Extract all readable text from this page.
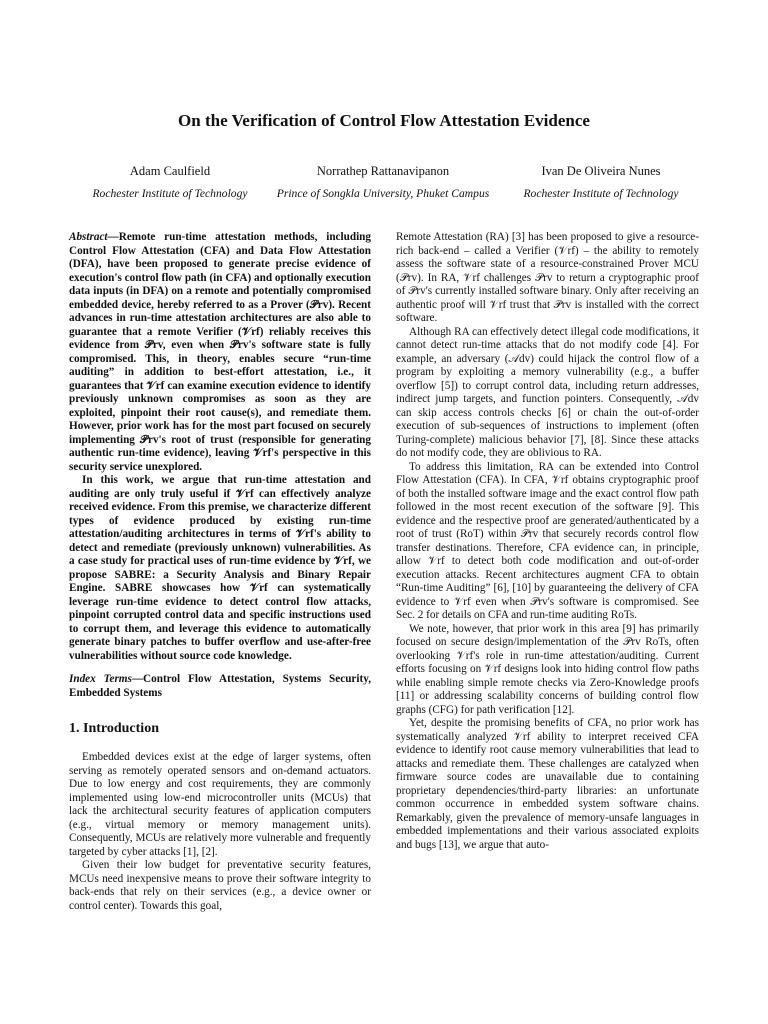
On the Verification of Control Flow Attestation Evidence
Adam Caulfield
Rochester Institute of Technology
Norrathep Rattanavipanon
Prince of Songkla University, Phuket Campus
Ivan De Oliveira Nunes
Rochester Institute of Technology

Abstract—Remote run-time attestation methods, including Control Flow Attestation (CFA) and Data Flow Attestation (DFA), have been proposed to generate precise evidence of execution's control flow path (in CFA) and optionally execution data inputs (in DFA) on a remote and potentially compromised embedded device, hereby referred to as a Prover (𝒫rv). Recent advances in run-time attestation architectures are also able to guarantee that a remote Verifier (𝒱rf) reliably receives this evidence from 𝒫rv, even when 𝒫rv's software state is fully compromised. This, in theory, enables secure “run-time auditing” in addition to best-effort attestation, i.e., it guarantees that 𝒱rf can examine execution evidence to identify previously unknown compromises as soon as they are exploited, pinpoint their root cause(s), and remediate them. However, prior work has for the most part focused on securely implementing 𝒫rv's root of trust (responsible for generating authentic run-time evidence), leaving 𝒱rf's perspective in this security service unexplored.

In this work, we argue that run-time attestation and auditing are only truly useful if 𝒱rf can effectively analyze received evidence. From this premise, we characterize different types of evidence produced by existing run-time attestation/auditing architectures in terms of 𝒱rf's ability to detect and remediate (previously unknown) vulnerabilities. As a case study for practical uses of run-time evidence by 𝒱rf, we propose SABRE: a Security Analysis and Binary Repair Engine. SABRE showcases how 𝒱rf can systematically leverage run-time evidence to detect control flow attacks, pinpoint corrupted control data and specific instructions used to corrupt them, and leverage this evidence to automatically generate binary patches to buffer overflow and use-after-free vulnerabilities without source code knowledge.

Index Terms—Control Flow Attestation, Systems Security, Embedded Systems

1. Introduction

Embedded devices exist at the edge of larger systems, often serving as remotely operated sensors and on-demand actuators. Due to low energy and cost requirements, they are commonly implemented using low-end microcontroller units (MCUs) that lack the architectural security features of application computers (e.g., virtual memory or memory management units). Consequently, MCUs are relatively more vulnerable and frequently targeted by cyber attacks [1], [2].

Given their low budget for preventative security features, MCUs need inexpensive means to prove their software integrity to back-ends that rely on their services (e.g., a device owner or control center). Towards this goal,

Remote Attestation (RA) [3] has been proposed to give a resource-rich back-end – called a Verifier (𝒱rf) – the ability to remotely assess the software state of a resource-constrained Prover MCU (𝒫rv). In RA, 𝒱rf challenges 𝒫rv to return a cryptographic proof of 𝒫rv's currently installed software binary. Only after receiving an authentic proof will 𝒱rf trust that 𝒫rv is installed with the correct software.

Although RA can effectively detect illegal code modifications, it cannot detect run-time attacks that do not modify code [4]. For example, an adversary (𝒜dv) could hijack the control flow of a program by exploiting a memory vulnerability (e.g., a buffer overflow [5]) to corrupt control data, including return addresses, indirect jump targets, and function pointers. Consequently, 𝒜dv can skip access controls checks [6] or chain the out-of-order execution of sub-sequences of instructions to implement (often Turing-complete) malicious behavior [7], [8]. Since these attacks do not modify code, they are oblivious to RA.

To address this limitation, RA can be extended into Control Flow Attestation (CFA). In CFA, 𝒱rf obtains cryptographic proof of both the installed software image and the exact control flow path followed in the most recent execution of the software [9]. This evidence and the respective proof are generated/authenticated by a root of trust (RoT) within 𝒫rv that securely records control flow transfer destinations. Therefore, CFA evidence can, in principle, allow 𝒱rf to detect both code modification and out-of-order execution attacks. Recent architectures augment CFA to obtain “Run-time Auditing” [6], [10] by guaranteeing the delivery of CFA evidence to 𝒱rf even when 𝒫rv's software is compromised. See Sec. 2 for details on CFA and run-time auditing RoTs.

We note, however, that prior work in this area [9] has primarily focused on secure design/implementation of the 𝒫rv RoTs, often overlooking 𝒱rf's role in run-time attestation/auditing. Current efforts focusing on 𝒱rf designs look into hiding control flow paths while enabling simple remote checks via Zero-Knowledge proofs [11] or addressing scalability concerns of building control flow graphs (CFG) for path verification [12].

Yet, despite the promising benefits of CFA, no prior work has systematically analyzed 𝒱rf ability to interpret received CFA evidence to identify root cause memory vulnerabilities that lead to attacks and remediate them. These challenges are catalyzed when firmware source codes are unavailable due to containing proprietary dependencies/third-party libraries: an unfortunate common occurrence in embedded system software chains. Remarkably, given the prevalence of memory-unsafe languages in embedded implementations and their various associated exploits and bugs [13], we argue that auto-
